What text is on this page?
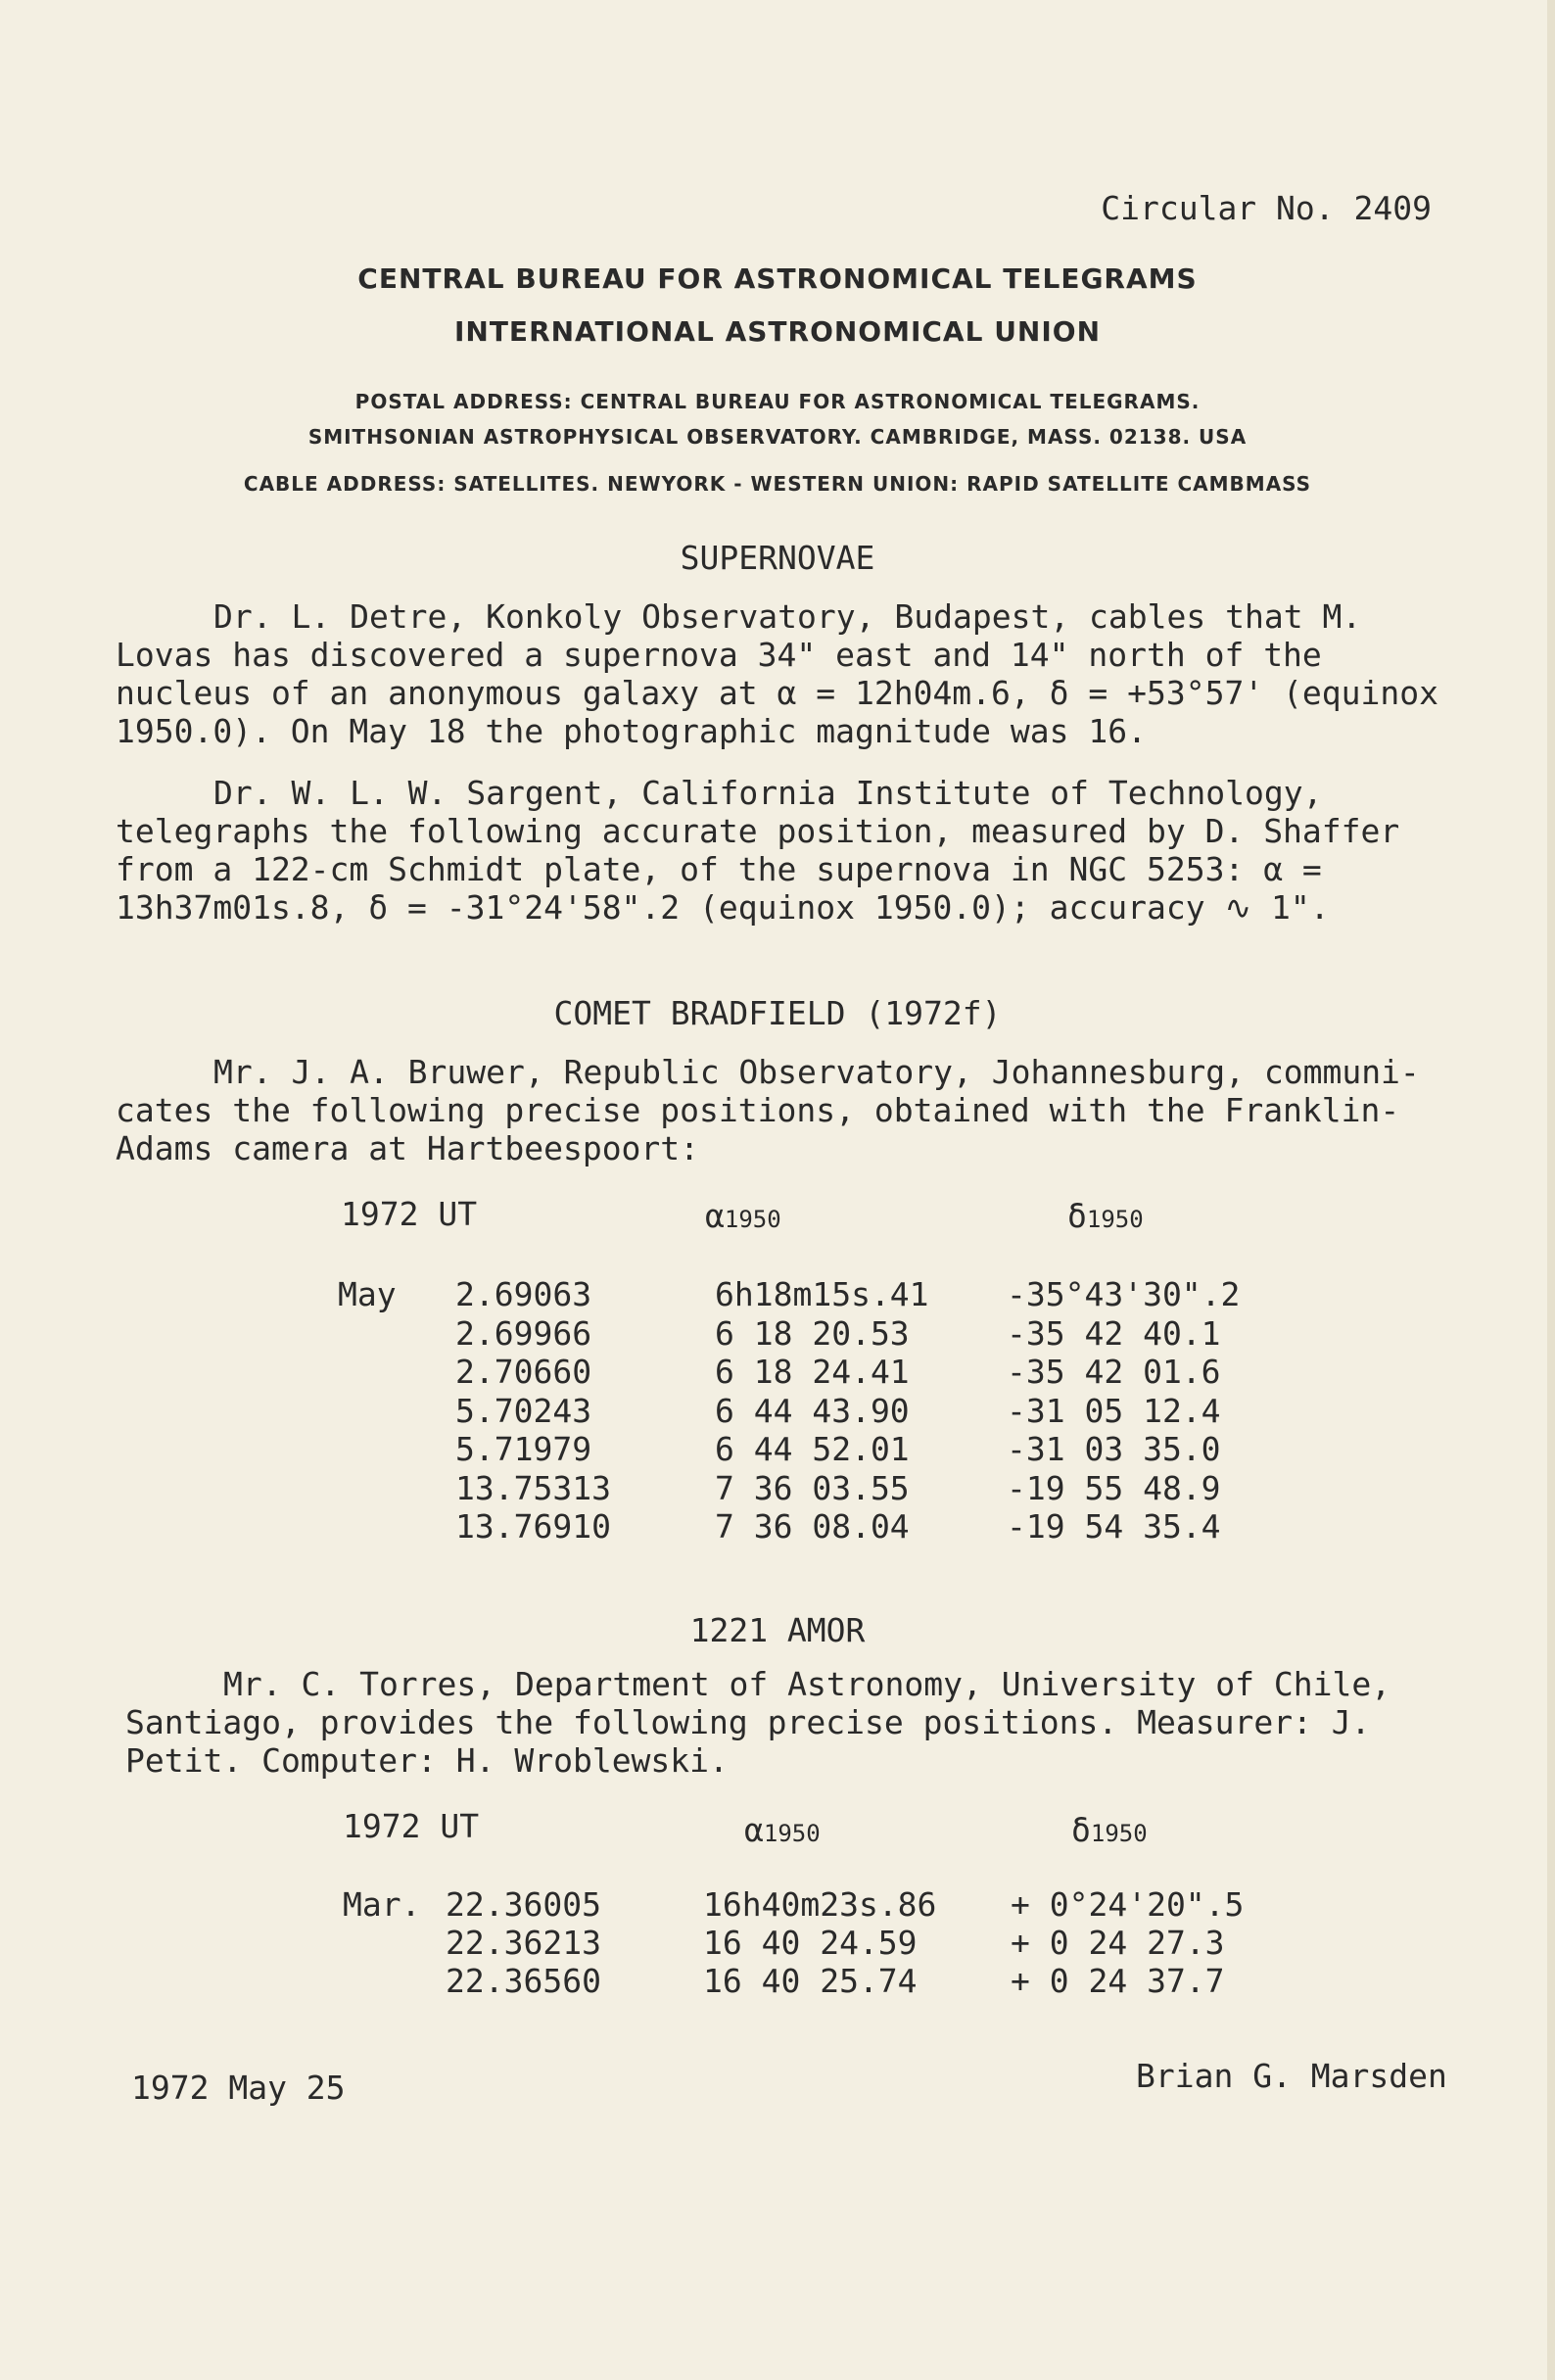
Circular No. 2409
CENTRAL BUREAU FOR ASTRONOMICAL TELEGRAMS
INTERNATIONAL ASTRONOMICAL UNION
POSTAL ADDRESS: CENTRAL BUREAU FOR ASTRONOMICAL TELEGRAMS.
SMITHSONIAN ASTROPHYSICAL OBSERVATORY. CAMBRIDGE, MASS. 02138. USA
CABLE ADDRESS: SATELLITES. NEWYORK - WESTERN UNION: RAPID SATELLITE CAMBMASS
SUPERNOVAE
Dr. L. Detre, Konkoly Observatory, Budapest, cables that M.
Lovas has discovered a supernova 34" east and 14" north of the
nucleus of an anonymous galaxy at α = 12h04m.6, δ = +53°57' (equinox
1950.0). On May 18 the photographic magnitude was 16.
Dr. W. L. W. Sargent, California Institute of Technology,
telegraphs the following accurate position, measured by D. Shaffer
from a 122-cm Schmidt plate, of the supernova in NGC 5253: α =
13h37m01s.8, δ = -31°24'58".2 (equinox 1950.0); accuracy ∿ 1".
COMET BRADFIELD (1972f)
Mr. J. A. Bruwer, Republic Observatory, Johannesburg, communi-
cates the following precise positions, obtained with the Franklin-
Adams camera at Hartbeespoort:
1972 UT	α1950	δ1950
May 2.69063	6h18m15s.41 -35°43'30".2
2.69966	6 18 20.53	-35 42 40.1
2.70660	6 18 24.41	-35 42 01.6
5.70243	6 44 43.90	-31 05 12.4
5.71979	6 44 52.01	-31 03 35.0
13.75313	7 36 03.55	-19 55 48.9
13.76910	7 36 08.04	-19 54 35.4
1221 AMOR
Mr. C. Torres, Department of Astronomy, University of Chile,
Santiago, provides the following precise positions. Measurer: J.
Petit. Computer: H. Wroblewski.
1972 UT	α1950	δ1950
Mar. 22.36005	16h40m23s.86 + 0°24'20".5
22.36213	16 40 24.59	+ 0 24 27.3
22.36560	16 40 25.74	+ 0 24 37.7
1972 May 25	Brian G. Marsden
